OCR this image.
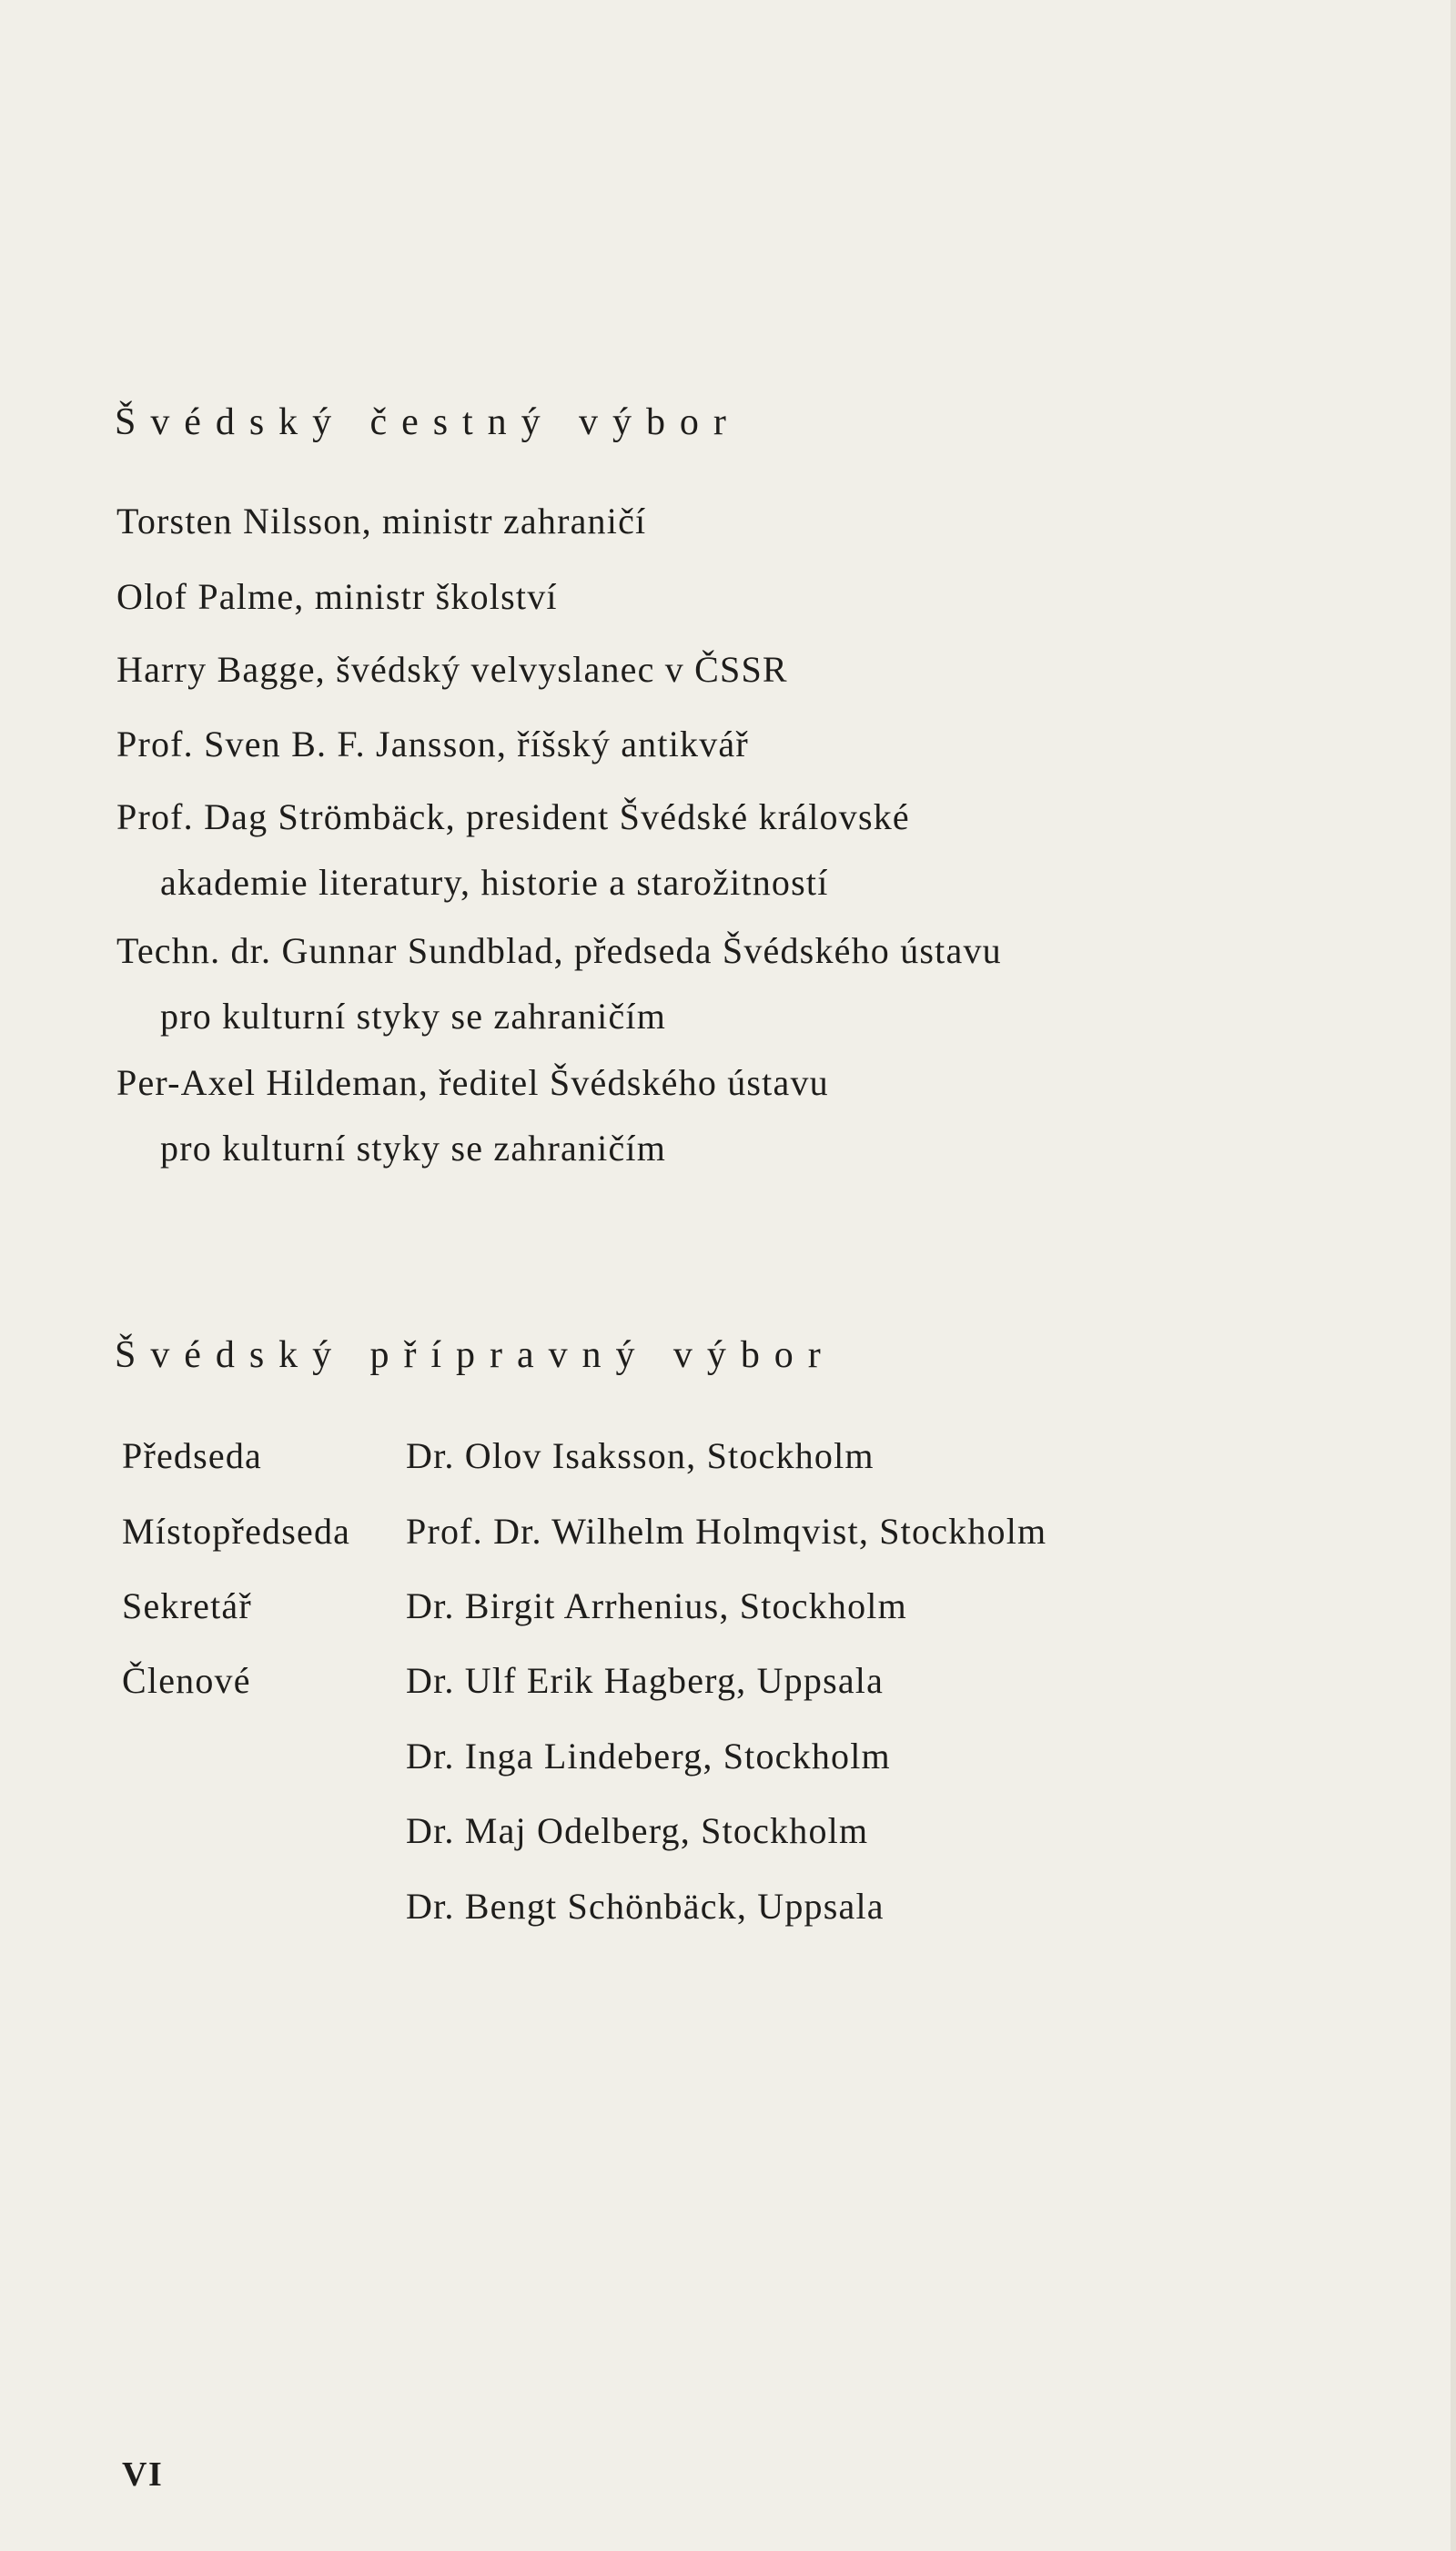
Švédský čestný výbor
Torsten Nilsson, ministr zahraničí
Olof Palme, ministr školství
Harry Bagge, švédský velvyslanec v ČSSR
Prof. Sven B. F. Jansson, říšský antikvář
Prof. Dag Strömbäck, president Švédské královské
akademie literatury, historie a starožitností
Techn. dr. Gunnar Sundblad, předseda Švédského ústavu
pro kulturní styky se zahraničím
Per-Axel Hildeman, ředitel Švédského ústavu
pro kulturní styky se zahraničím
Švédský přípravný výbor
Předseda	Dr. Olov Isaksson, Stockholm
Místopředseda Prof. Dr. Wilhelm Holmqvist, Stockholm
Sekretář	Dr. Birgit Arrhenius, Stockholm
Členové	Dr. Ulf Erik Hagberg, Uppsala
Dr. Inga Lindeberg, Stockholm
Dr. Maj Odelberg, Stockholm
Dr. Bengt Schönbäck, Uppsala
VI
